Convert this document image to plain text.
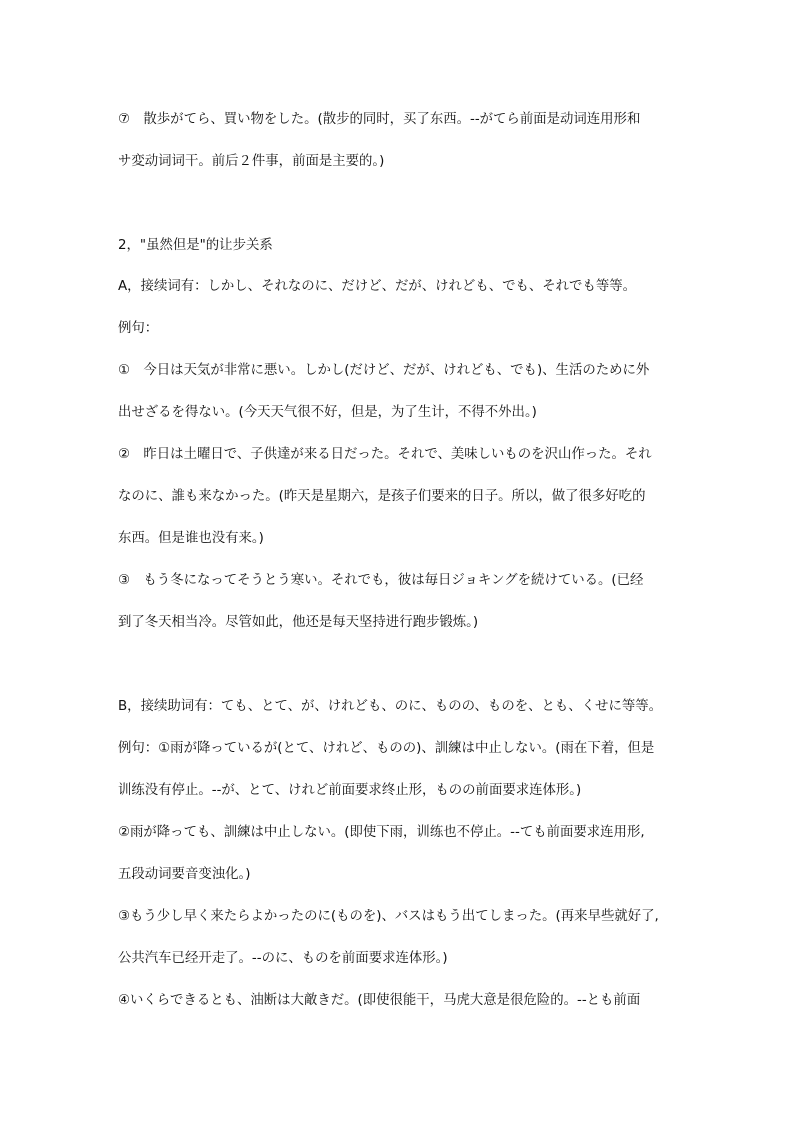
⑦　散歩がてら、買い物をした。(散步的同时，买了东西。--がてら前面是动词连用形和
サ変动词词干。前后２件事，前面是主要的。)
2，"虽然但是"的让步关系
A，接续词有：しかし、それなのに、だけど、だが、けれども、でも、それでも等等。
例句：
①　今日は天気が非常に悪い。しかし(だけど、だが、けれども、でも)、生活のために外
出せざるを得ない。(今天天气很不好，但是，为了生计，不得不外出。)
②　昨日は土曜日で、子供達が来る日だった。それで、美味しいものを沢山作った。それ
なのに、誰も来なかった。(昨天是星期六，是孩子们要来的日子。所以，做了很多好吃的
东西。但是谁也没有来。)
③　もう冬になってそうとう寒い。それでも，彼は毎日ジョキングを続けている。(已经
到了冬天相当冷。尽管如此，他还是每天坚持进行跑步锻炼。)
B，接续助词有：ても、とて、が、けれども、のに、ものの、ものを、とも、くせに等等。
例句：①雨が降っているが(とて、けれど、ものの)、訓練は中止しない。(雨在下着，但是
训练没有停止。--が、とて、けれど前面要求终止形，ものの前面要求连体形。)
②雨が降っても、訓練は中止しない。(即使下雨，训练也不停止。--ても前面要求连用形,
五段动词要音变浊化。)
③もう少し早く来たらよかったのに(ものを)、バスはもう出てしまった。(再来早些就好了,
公共汽车已经开走了。--のに、ものを前面要求连体形。)
④いくらできるとも、油断は大敵きだ。(即使很能干，马虎大意是很危险的。--とも前面
